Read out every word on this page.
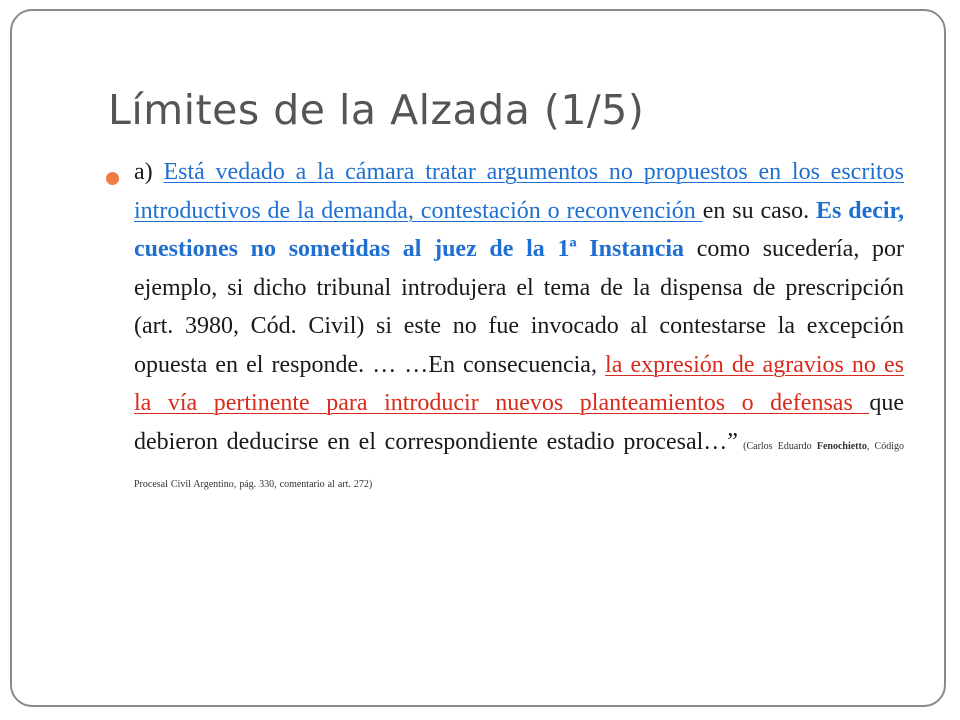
Límites de la Alzada (1/5)

a) Está vedado a la cámara tratar argumentos no propuestos en los escritos introductivos de la demanda, contestación o reconvención en su caso. Es decir, cuestiones no sometidas al juez de la 1ª Instancia como sucedería, por ejemplo, si dicho tribunal introdujera el tema de la dispensa de prescripción (art. 3980, Cód. Civil) si este no fue invocado al contestarse la excepción opuesta en el responde. … …En consecuencia, la expresión de agravios no es la vía pertinente para introducir nuevos planteamientos o defensas que debieron deducirse en el correspondiente estadio procesal…” (Carlos Eduardo Fenochietto, Código Procesal Civil Argentino, pág. 330, comentario al art. 272)
